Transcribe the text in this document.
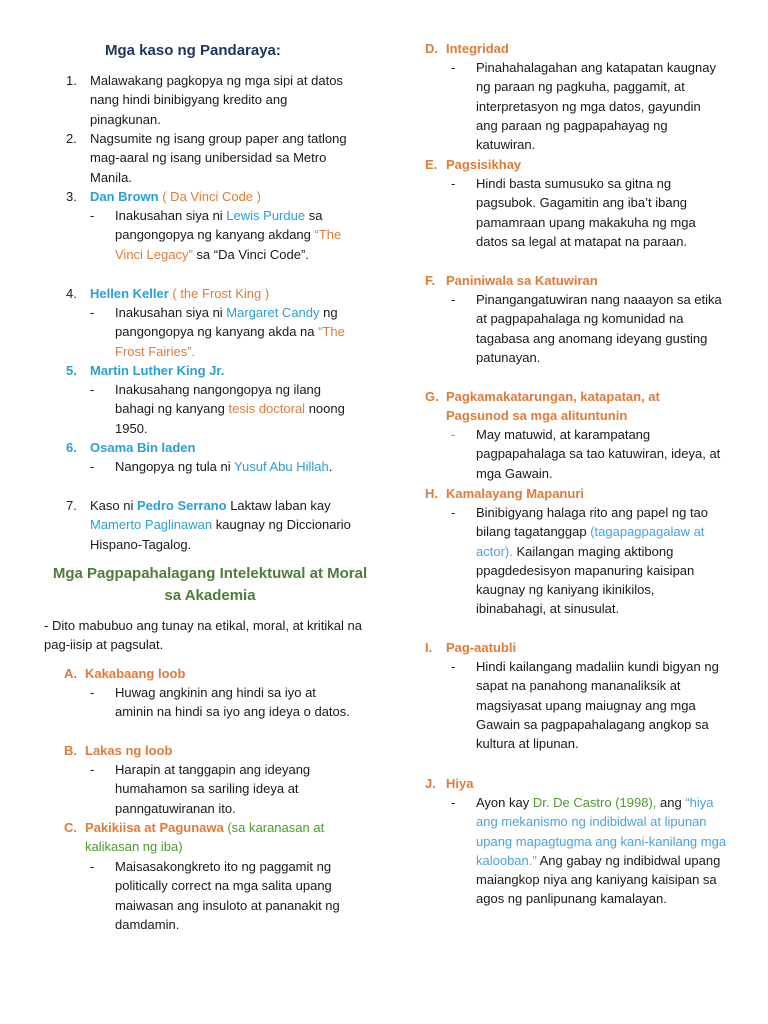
Mga kaso ng Pandaraya:
1. Malawakang pagkopya ng mga sipi at datos nang hindi binibigyang kredito ang pinagkunan.
2. Nagsumite ng isang group paper ang tatlong mag-aaral ng isang unibersidad sa Metro Manila.
3. Dan Brown ( Da Vinci Code )
- Inakusahan siya ni Lewis Purdue sa pangongopya ng kanyang akdang “The Vinci Legacy” sa “Da Vinci Code”.
4. Hellen Keller ( the Frost King )
- Inakusahan siya ni Margaret Candy ng pangongopya ng kanyang akda na “The Frost Fairies”.
5. Martin Luther King Jr.
- Inakusahang nangongopya ng ilang bahagi ng kanyang tesis doctoral noong 1950.
6. Osama Bin laden
- Nangopya ng tula ni Yusuf Abu Hillah.
7. Kaso ni Pedro Serrano Laktaw laban kay Mamerto Paglinawan kaugnay ng Diccionario Hispano-Tagalog.
Mga Pagpapahalagang Intelektuwal at Moral sa Akademia
- Dito mabubuo ang tunay na etikal, moral, at kritikal na pag-iisip at pagsulat.
A. Kakabaang loob
- Huwag angkinin ang hindi sa iyo at aminin na hindi sa iyo ang ideya o datos.
B. Lakas ng loob
- Harapin at tanggapin ang ideyang humahamon sa sariling ideya at panngatuwiranan ito.
C. Pakikiisa at Pagunawa (sa karanasan at kalikasan ng iba)
- Maisasakongkreto ito ng paggamit ng politically correct na mga salita upang maiwasan ang insuloto at pananakit ng damdamin.
D. Integridad
- Pinahahalagahan ang katapatan kaugnay ng paraan ng pagkuha, paggamit, at interpretasyon ng mga datos, gayundin ang paraan ng pagpapahayag ng katuwiran.
E. Pagsisikhay
- Hindi basta sumusuko sa gitna ng pagsubok. Gagamitin ang iba’t ibang pamamraan upang makakuha ng mga datos sa legal at matapat na paraan.
F. Paniniwala sa Katuwiran
- Pinangangatuwiran nang naaayon sa etika at pagpapahalaga ng komunidad na tagabasa ang anomang ideyang gusting patunayan.
G. Pagkamakatarungan, katapatan, at Pagsunod sa mga alituntunin
- May matuwid, at karampatang pagpapahalaga sa tao katuwiran, ideya, at mga Gawain.
H. Kamalayang Mapanuri
- Binibigyang halaga rito ang papel ng tao bilang tagatanggap (tagapagpagalaw at actor). Kailangan maging aktibong ppagdedesisyon mapanuring kaisipan kaugnay ng kaniyang ikinikilos, ibinabahagi, at sinusulat.
I. Pag-aatubli
- Hindi kailangang madaliin kundi bigyan ng sapat na panahong mananaliksik at magsiyasat upang maiugnay ang mga Gawain sa pagpapahalagang angkop sa kultura at lipunan.
J. Hiya
- Ayon kay Dr. De Castro (1998), ang “hiya ang mekanismo ng indibidwal at lipunan upang mapagtugma ang kani-kanilang mga kalooban.” Ang gabay ng indibidwal upang maiangkop niya ang kaniyang kaisipan sa agos ng panlipunang kamalayan.
